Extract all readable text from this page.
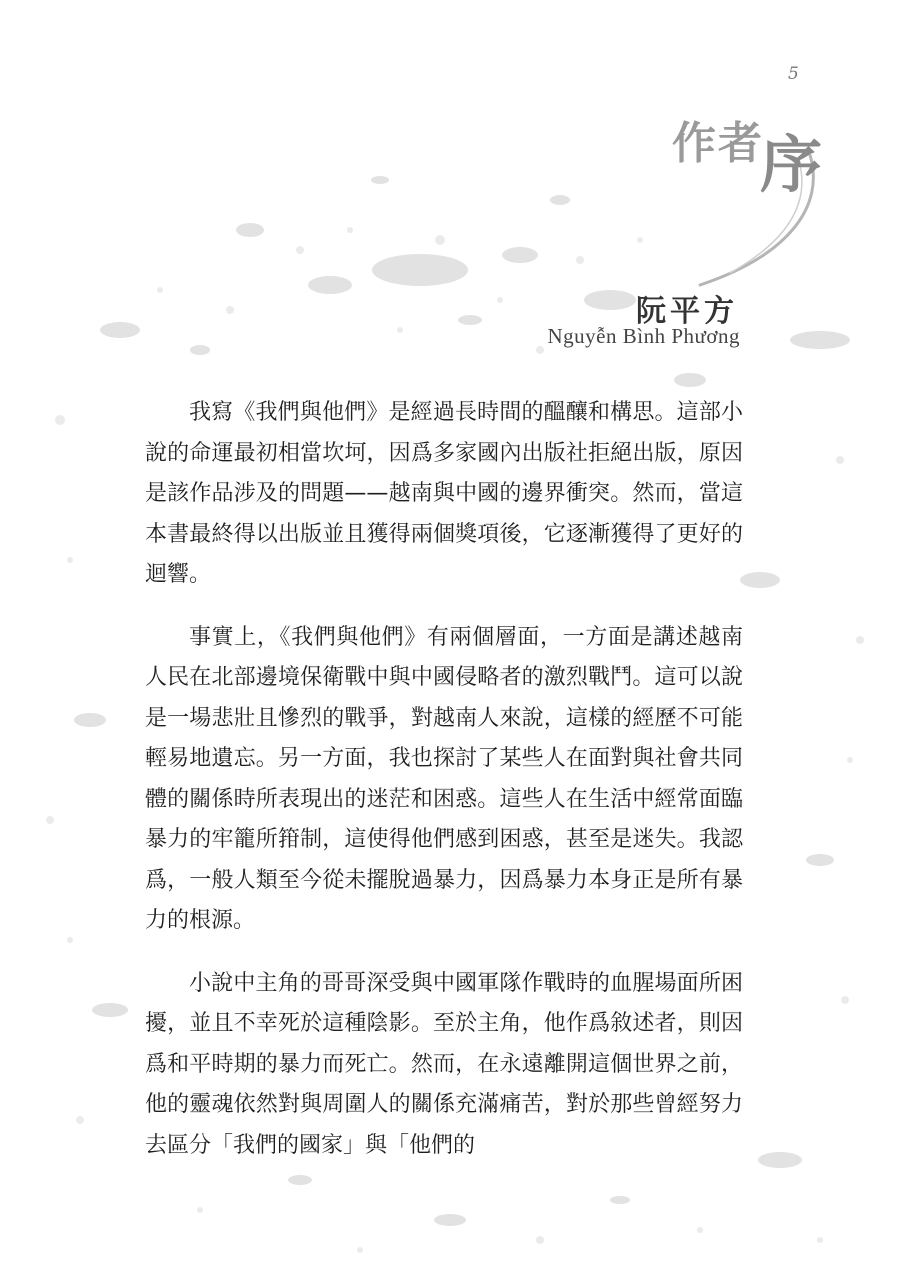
5
作者
序
阮平方
Nguyễn Bình Phương

我寫《我們與他們》是經過長時間的醞釀和構思。這部小說的命運最初相當坎坷，因爲多家國內出版社拒絕出版，原因是該作品涉及的問題——越南與中國的邊界衝突。然而，當這本書最終得以出版並且獲得兩個獎項後，它逐漸獲得了更好的迴響。

事實上，《我們與他們》有兩個層面，一方面是講述越南人民在北部邊境保衛戰中與中國侵略者的激烈戰鬥。這可以說是一場悲壯且慘烈的戰爭，對越南人來說，這樣的經歷不可能輕易地遺忘。另一方面，我也探討了某些人在面對與社會共同體的關係時所表現出的迷茫和困惑。這些人在生活中經常面臨暴力的牢籠所箝制，這使得他們感到困惑，甚至是迷失。我認爲，一般人類至今從未擺脫過暴力，因爲暴力本身正是所有暴力的根源。

小說中主角的哥哥深受與中國軍隊作戰時的血腥場面所困擾，並且不幸死於這種陰影。至於主角，他作爲敘述者，則因爲和平時期的暴力而死亡。然而，在永遠離開這個世界之前，他的靈魂依然對與周圍人的關係充滿痛苦，對於那些曾經努力去區分「我們的國家」與「他們的
